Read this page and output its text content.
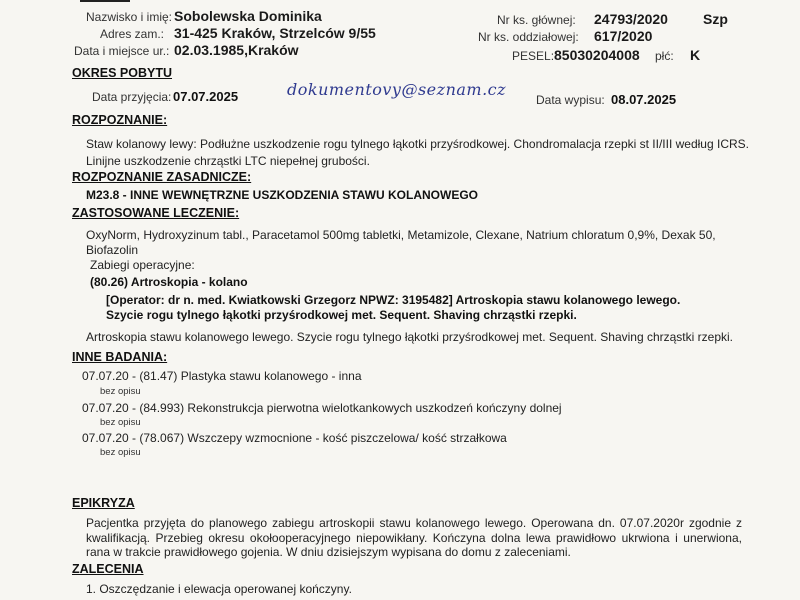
Nazwisko i imię: Sobolewska Dominika
Adres zam.: 31-425 Kraków, Strzelców 9/55
Data i miejsce ur.: 02.03.1985,Kraków
Nr ks. głównej: 24793/2020	Szp
Nr ks. oddziałowej: 617/2020
PESEL: 85030204008 płć: K
OKRES POBYTU
Data przyjęcia: 07.07.2025	dokumentovy@seznam.cz
Data wypisu: 08.07.2025
ROZPOZNANIE:
Staw kolanowy lewy: Podłużne uszkodzenie rogu tylnego łąkotki przyśrodkowej. Chondromalacja rzepki st II/III według ICRS. Linijne uszkodzenie chrząstki LTC niepełnej grubości.
ROZPOZNANIE ZASADNICZE:
M23.8 - INNE WEWNĘTRZNE USZKODZENIA STAWU KOLANOWEGO
ZASTOSOWANE LECZENIE:
OxyNorm, Hydroxyzinum tabl., Paracetamol 500mg tabletki, Metamizole, Clexane, Natrium chloratum 0,9%, Dexak 50, Biofazolin
Zabiegi operacyjne:
(80.26) Artroskopia - kolano
[Operator: dr n. med. Kwiatkowski Grzegorz NPWZ: 3195482] Artroskopia stawu kolanowego lewego.
Szycie rogu tylnego łąkotki przyśrodkowej met. Sequent. Shaving chrząstki rzepki.
Artroskopia stawu kolanowego lewego. Szycie rogu tylnego łąkotki przyśrodkowej met. Sequent. Shaving chrząstki rzepki.
INNE BADANIA:
07.07.20 - (81.47) Plastyka stawu kolanowego - inna
bez opisu
07.07.20 - (84.993) Rekonstrukcja pierwotna wielotkankowych uszkodzeń kończyny dolnej
bez opisu
07.07.20 - (78.067) Wszczepy wzmocnione - kość piszczelowa/ kość strzałkowa
bez opisu
EPIKRYZA
Pacjentka przyjęta do planowego zabiegu artroskopii stawu kolanowego lewego. Operowana dn. 07.07.2020r zgodnie z kwalifikacją. Przebieg okresu okołooperacyjnego niepowikłany. Kończyna dolna lewa prawidłowo ukrwiona i unerwiona, rana w trakcie prawidłowego gojenia. W dniu dzisiejszym wypisana do domu z zaleceniami.
ZALECENIA
1. Oszczędzanie i elewacja operowanej kończyny.
